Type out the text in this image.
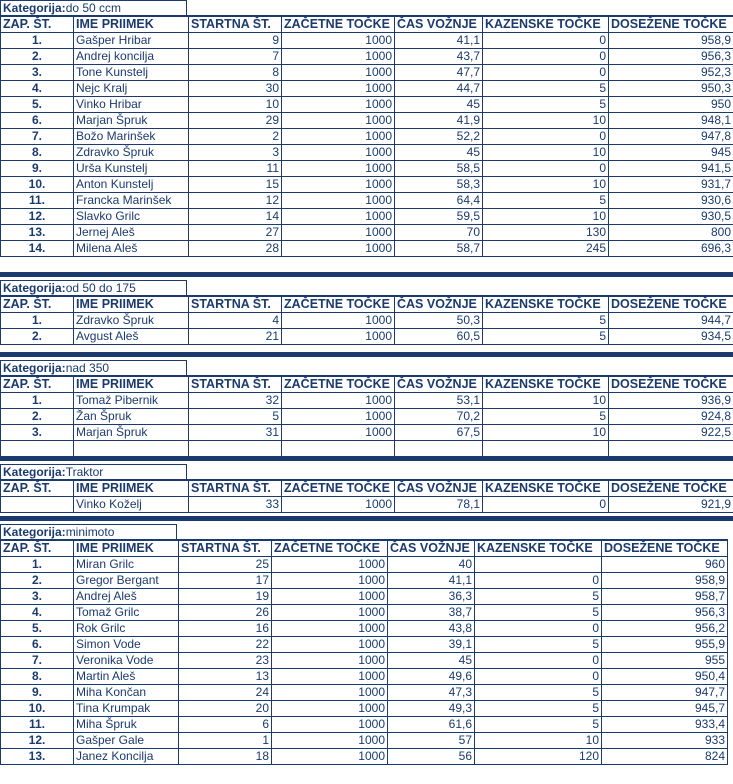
Kategorija:do 50 ccm
ZAP. ŠT.	IME PRIIMEK	STARTNA ŠT.	ZAČETNE TOČKE	ČAS VOŽNJE	KAZENSKE TOČKE	DOSEŽENE TOČKE
1.	Gašper Hribar	9	1000	41,1	0	958,9
2.	Andrej koncilja	7	1000	43,7	0	956,3
3.	Tone Kunstelj	8	1000	47,7	0	952,3
4.	Nejc Kralj	30	1000	44,7	5	950,3
5.	Vinko Hribar	10	1000	45	5	950
6.	Marjan Špruk	29	1000	41,9	10	948,1
7.	Božo Marinšek	2	1000	52,2	0	947,8
8.	Zdravko Špruk	3	1000	45	10	945
9.	Urša Kunstelj	11	1000	58,5	0	941,5
10.	Anton Kunstelj	15	1000	58,3	10	931,7
11.	Francka Marinšek	12	1000	64,4	5	930,6
12.	Slavko Grilc	14	1000	59,5	10	930,5
13.	Jernej Aleš	27	1000	70	130	800
14.	Milena Aleš	28	1000	58,7	245	696,3
Kategorija:od 50 do 175
ZAP. ŠT.	IME PRIIMEK	STARTNA ŠT.	ZAČETNE TOČKE	ČAS VOŽNJE	KAZENSKE TOČKE	DOSEŽENE TOČKE
1.	Zdravko Špruk	4	1000	50,3	5	944,7
2.	Avgust Aleš	21	1000	60,5	5	934,5
Kategorija:nad 350
ZAP. ŠT.	IME PRIIMEK	STARTNA ŠT.	ZAČETNE TOČKE	ČAS VOŽNJE	KAZENSKE TOČKE	DOSEŽENE TOČKE
1.	Tomaž Pibernik	32	1000	53,1	10	936,9
2.	Žan Špruk	5	1000	70,2	5	924,8
3.	Marjan Špruk	31	1000	67,5	10	922,5

Kategorija:Traktor
ZAP. ŠT.	IME PRIIMEK	STARTNA ŠT.	ZAČETNE TOČKE	ČAS VOŽNJE	KAZENSKE TOČKE	DOSEŽENE TOČKE
	Vinko Koželj	33	1000	78,1	0	921,9
Kategorija:minimoto
ZAP. ŠT.	IME PRIIMEK	STARTNA ŠT.	ZAČETNE TOČKE	ČAS VOŽNJE	KAZENSKE TOČKE	DOSEŽENE TOČKE
1.	Miran Grilc	25	1000	40		960
2.	Gregor Bergant	17	1000	41,1	0	958,9
3.	Andrej Aleš	19	1000	36,3	5	958,7
4.	Tomaž Grilc	26	1000	38,7	5	956,3
5.	Rok Grilc	16	1000	43,8	0	956,2
6.	Simon Vode	22	1000	39,1	5	955,9
7.	Veronika Vode	23	1000	45	0	955
8.	Martin Aleš	13	1000	49,6	0	950,4
9.	Miha Končan	24	1000	47,3	5	947,7
10.	Tina Krumpak	20	1000	49,3	5	945,7
11.	Miha Špruk	6	1000	61,6	5	933,4
12.	Gašper Gale	1	1000	57	10	933
13.	Janez Koncilja	18	1000	56	120	824
